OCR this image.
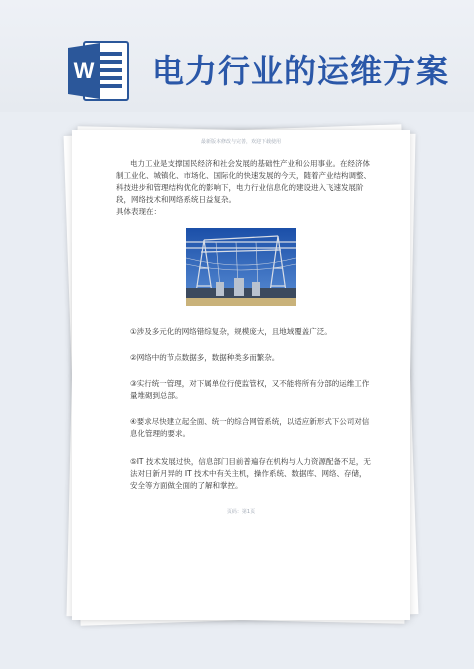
W 电力行业的运维方案
最新版本修改与完善，欢迎下载使用

电力工业是支撑国民经济和社会发展的基础性产业和公用事业。在经济体制工业化、城镇化、市场化、国际化的快速发展的今天，随着产业结构调整、科技进步和管理结构优化的影响下，电力行业信息化的建设进入飞速发展阶段，网络技术和网络系统日益复杂。

具体表现在：

①涉及多元化的网络错综复杂，规模庞大，且地域覆盖广泛。

②网络中的节点数据多，数据种类多而繁杂。

③实行统一管理，对下属单位行使监管权，又不能将所有分部的运维工作量堆砌到总部。

④要求尽快建立起全面、统一的综合网管系统，以适应新形式下公司对信息化管理的要求。

⑤IT 技术发展过快，信息部门目前普遍存在机构与人力资源配备不足，无法对日新月异的 IT 技术中有关主机，操作系统、数据库、网络、存储，安全等方面做全面的了解和掌控。

页码：第1页
